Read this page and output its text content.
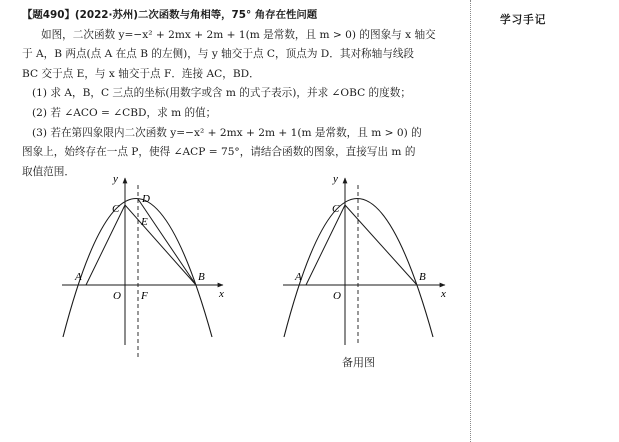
【题490】(2022·苏州)二次函数与角相等，75° 角存在性问题

如图，二次函数 y=−x² + 2mx + 2m + 1(m 是常数，且 m > 0) 的图象与 x 轴交

于 A，B 两点(点 A 在点 B 的左侧)，与 y 轴交于点 C，顶点为 D．其对称轴与线段

BC 交于点 E，与 x 轴交于点 F．连接 AC，BD．

(1) 求 A，B，C 三点的坐标(用数字或含 m 的式子表示)，并求 ∠OBC 的度数；

(2) 若 ∠ACO = ∠CBD，求 m 的值；

(3) 若在第四象限内二次函数 y=−x² + 2mx + 2m + 1(m 是常数，且 m > 0) 的

图象上，始终存在一点 P，使得 ∠ACP = 75°，请结合函数的图象，直接写出 m 的

取值范围．

学习手记
y
x
C
D
E
A	B
O F
y
x
C
A	B
O
备用图
